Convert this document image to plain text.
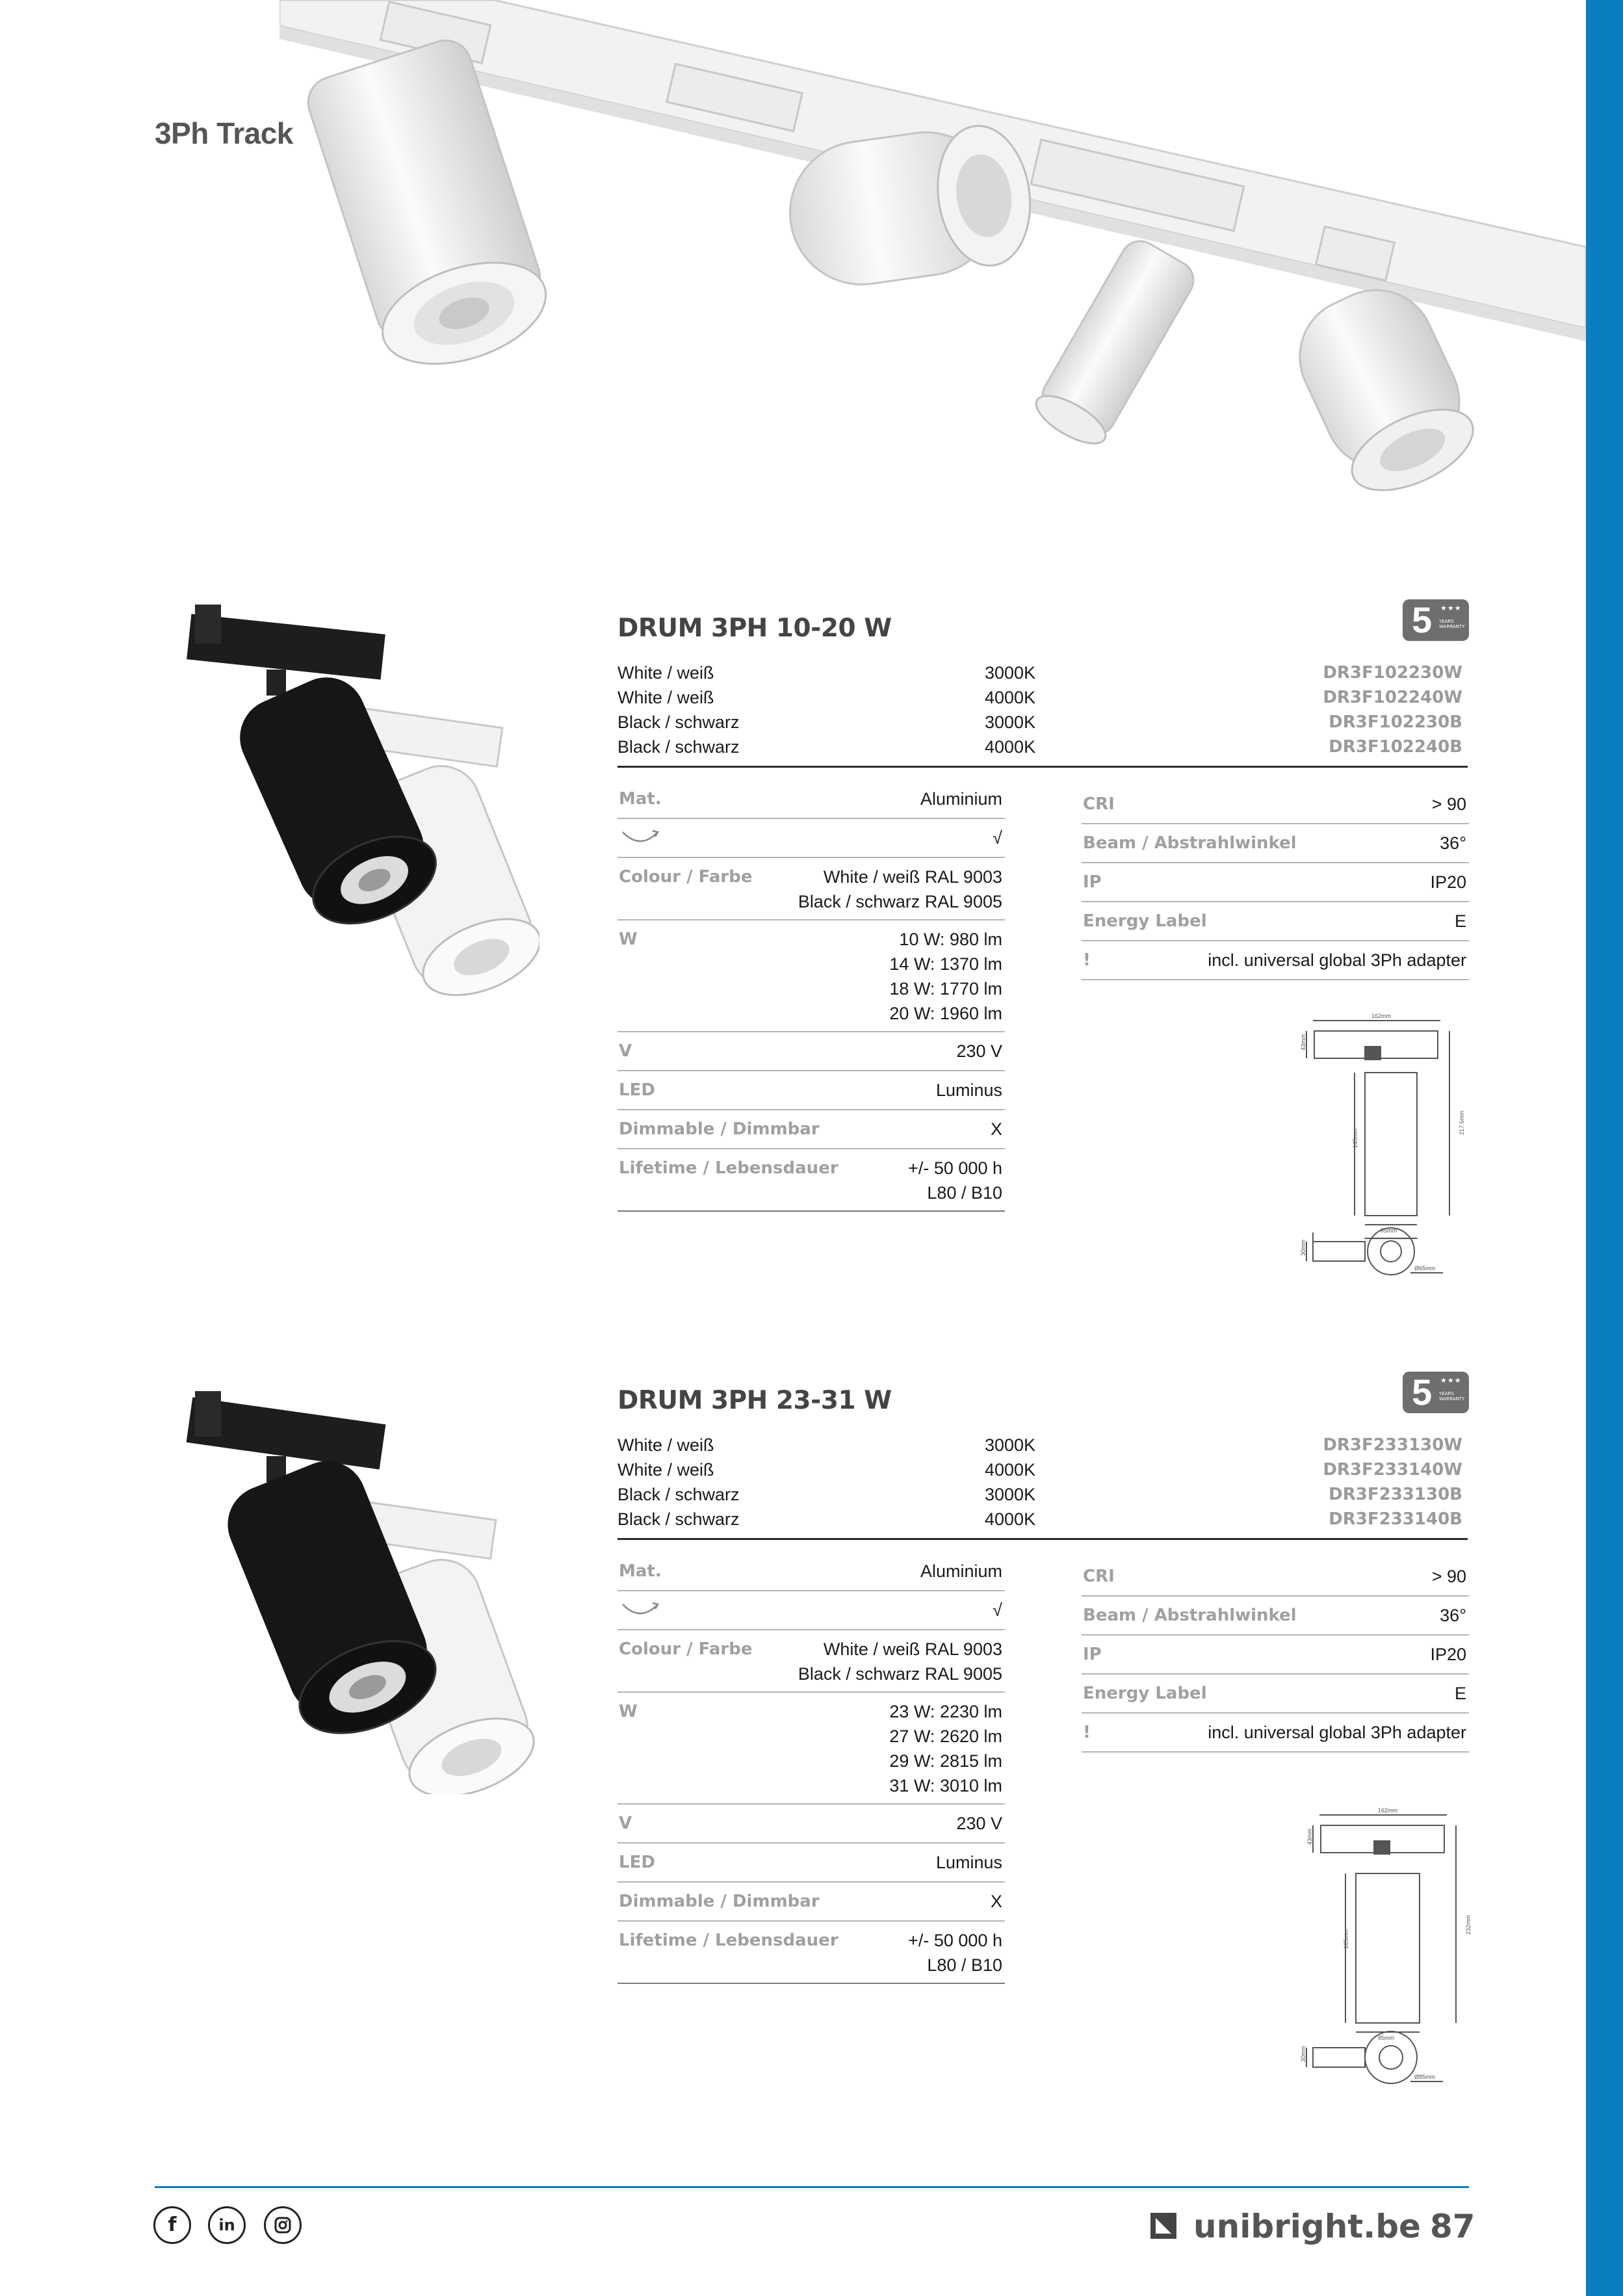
3Ph Track
5 ★★★
YEARS WARRANTY
DRUM 3PH 10-20 W
White / weiß	3000K	DR3F102230W
White / weiß	4000K	DR3F102240W
Black / schwarz	3000K	DR3F102230B
Black / schwarz	4000K	DR3F102240B
Mat.	Aluminium
√
Colour / Farbe	White / weiß RAL 9003
Black / schwarz RAL 9005
W	10 W: 980 lm
14 W: 1370 lm
18 W: 1770 lm
20 W: 1960 lm
V	230 V
LED	Luminus
Dimmable / Dimmbar	X
Lifetime / Lebensdauer	+/- 50 000 h
L80 / B10
CRI	> 90
Beam / Abstrahlwinkel	36°
IP	IP20
Energy Label	E
!	incl. universal global 3Ph adapter
162mm
43mm
217.5mm
145mm
65mm
30mm
Ø65mm
5 ★★★
YEARS WARRANTY
DRUM 3PH 23-31 W
White / weiß	3000K	DR3F233130W
White / weiß	4000K	DR3F233140W
Black / schwarz	3000K	DR3F233130B
Black / schwarz	4000K	DR3F233140B
Mat.	Aluminium
√
Colour / Farbe	White / weiß RAL 9003
Black / schwarz RAL 9005
W	23 W: 2230 lm
27 W: 2620 lm
29 W: 2815 lm
31 W: 3010 lm
V	230 V
LED	Luminus
Dimmable / Dimmbar	X
Lifetime / Lebensdauer	+/- 50 000 h
L80 / B10
CRI	> 90
Beam / Abstrahlwinkel	36°
IP	IP20
Energy Label	E
!	incl. universal global 3Ph adapter
162mm
43mm
232mm
185mm
85mm
30mm
Ø85mm
f	in	unibright.be 87
